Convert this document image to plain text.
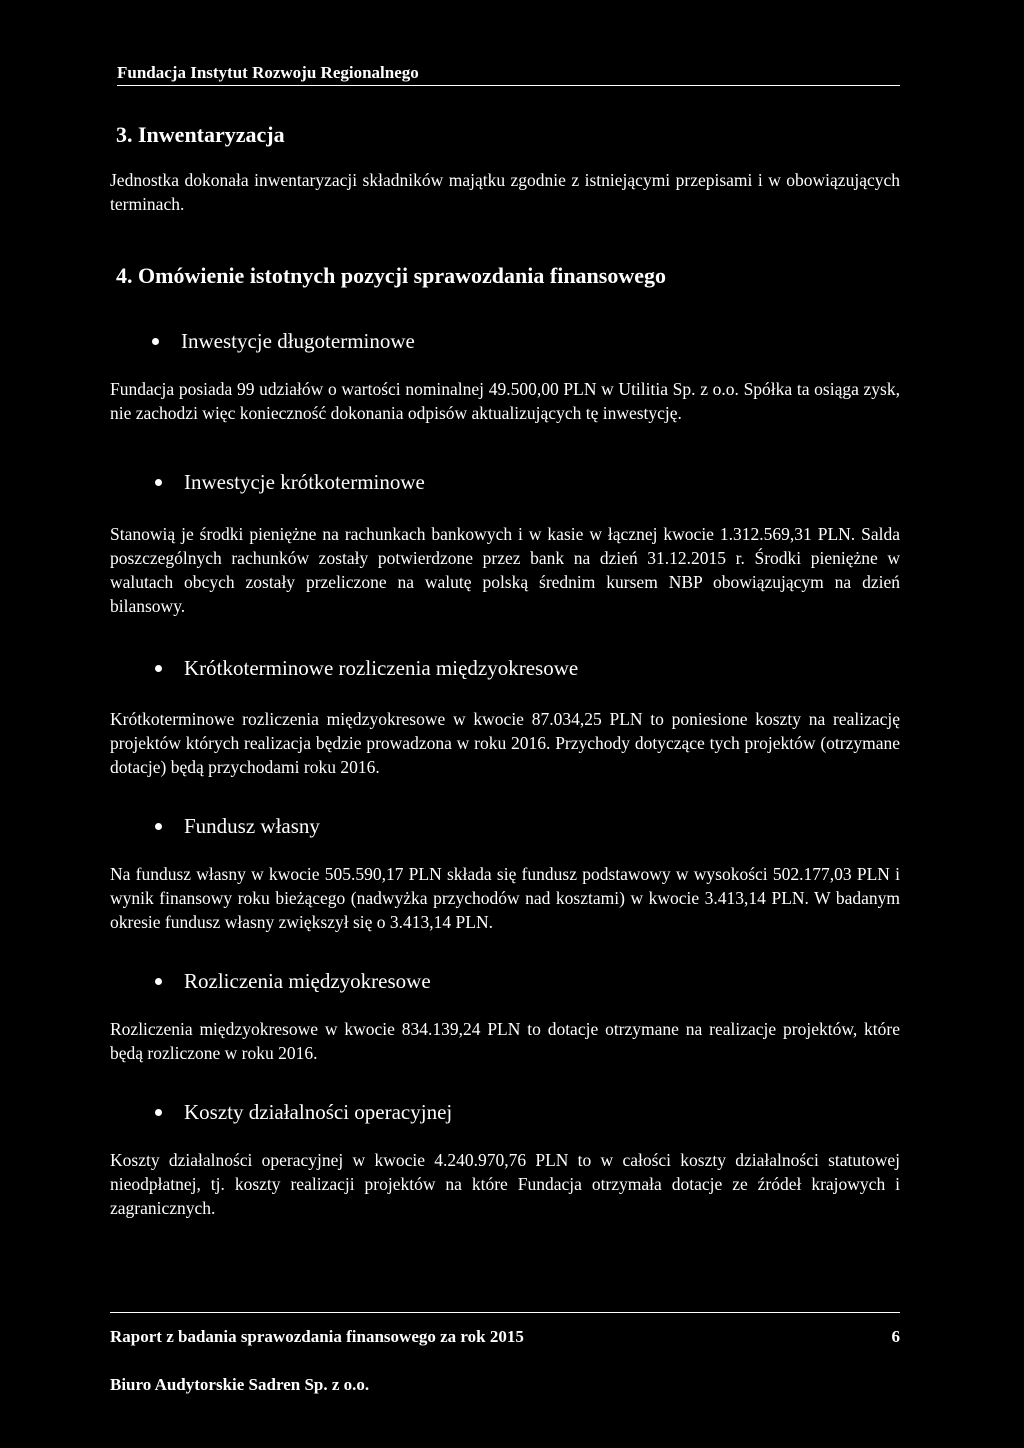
Fundacja Instytut Rozwoju Regionalnego
3. Inwentaryzacja

Jednostka dokonała inwentaryzacji składników majątku zgodnie z istniejącymi przepisami i w obowiązujących terminach.

4. Omówienie istotnych pozycji sprawozdania finansowego
Inwestycje długoterminowe

Fundacja posiada 99 udziałów o wartości nominalnej 49.500,00 PLN w Utilitia Sp. z o.o. Spółka ta osiąga zysk, nie zachodzi więc konieczność dokonania odpisów aktualizujących tę inwestycję.

Inwestycje krótkoterminowe

Stanowią je środki pieniężne na rachunkach bankowych i w kasie w łącznej kwocie 1.312.569,31 PLN. Salda poszczególnych rachunków zostały potwierdzone przez bank na dzień 31.12.2015 r. Środki pieniężne w walutach obcych zostały przeliczone na walutę polską średnim kursem NBP obowiązującym na dzień bilansowy.

Krótkoterminowe rozliczenia międzyokresowe

Krótkoterminowe rozliczenia międzyokresowe w kwocie 87.034,25 PLN to poniesione koszty na realizację projektów których realizacja będzie prowadzona w roku 2016. Przychody dotyczące tych projektów (otrzymane dotacje) będą przychodami roku 2016.

Fundusz własny

Na fundusz własny w kwocie 505.590,17 PLN składa się fundusz podstawowy w wysokości 502.177,03 PLN i wynik finansowy roku bieżącego (nadwyżka przychodów nad kosztami) w kwocie 3.413,14 PLN. W badanym okresie fundusz własny zwiększył się o 3.413,14 PLN.

Rozliczenia międzyokresowe

Rozliczenia międzyokresowe w kwocie 834.139,24 PLN to dotacje otrzymane na realizacje projektów, które będą rozliczone w roku 2016.

Koszty działalności operacyjnej

Koszty działalności operacyjnej w kwocie 4.240.970,76 PLN to w całości koszty działalności statutowej nieodpłatnej, tj. koszty realizacji projektów na które Fundacja otrzymała dotacje ze źródeł krajowych i zagranicznych.

Raport z badania sprawozdania finansowego za rok 2015	6
Biuro Audytorskie Sadren Sp. z o.o.
